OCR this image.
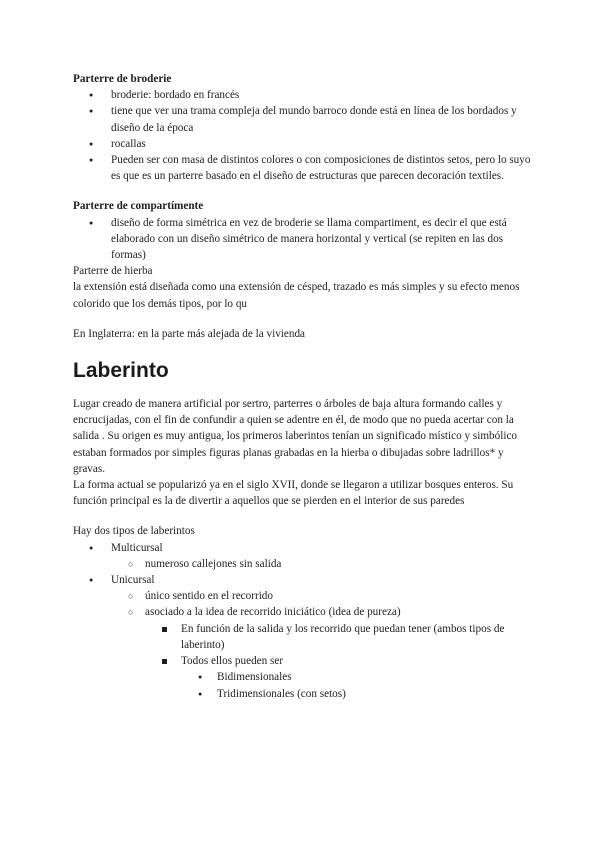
Parterre de broderie

● broderie: bordado en francés
● tiene que ver una trama compleja del mundo barroco donde está en línea de los bordados y diseño de la época
● rocallas
● Pueden ser con masa de distintos colores o con composiciones de distintos setos, pero lo suyo es que es un parterre basado en el diseño de estructuras que parecen decoración textiles.

Parterre de compartímente

● diseño de forma simétrica en vez de broderie se llama compartiment, es decir el que está elaborado con un diseño simétrico de manera horizontal y vertical (se repiten en las dos formas)

Parterre de hierba

la extensión está diseñada como una extensión de césped, trazado es más simples y su efecto menos colorido que los demás tipos, por lo qu

En Inglaterra: en la parte más alejada de la vivienda

Laberinto

Lugar creado de manera artificial por sertro, parterres o árboles de baja altura formando calles y encrucijadas, con el fin de confundir a quien se adentre en él, de modo que no pueda acertar con la salida . Su origen es muy antigua, los primeros laberintos tenían un significado místico y simbólico estaban formados por simples figuras planas grabadas en la hierba o dibujadas sobre ladrillos* y gravas.

La forma actual se popularizó ya en el siglo XVII, donde se llegaron a utilizar bosques enteros. Su función principal es la de divertir a aquellos que se pierden en el interior de sus paredes

Hay dos tipos de laberintos

● Multicursal
○ numeroso callejones sin salida
● Unicursal
○ único sentido en el recorrido
○ asociado a la idea de recorrido iniciático (idea de pureza)
En función de la salida y los recorrido que puedan tener (ambos tipos de laberinto)
Todos ellos pueden ser
● Bidimensionales
● Tridimensionales (con setos)
